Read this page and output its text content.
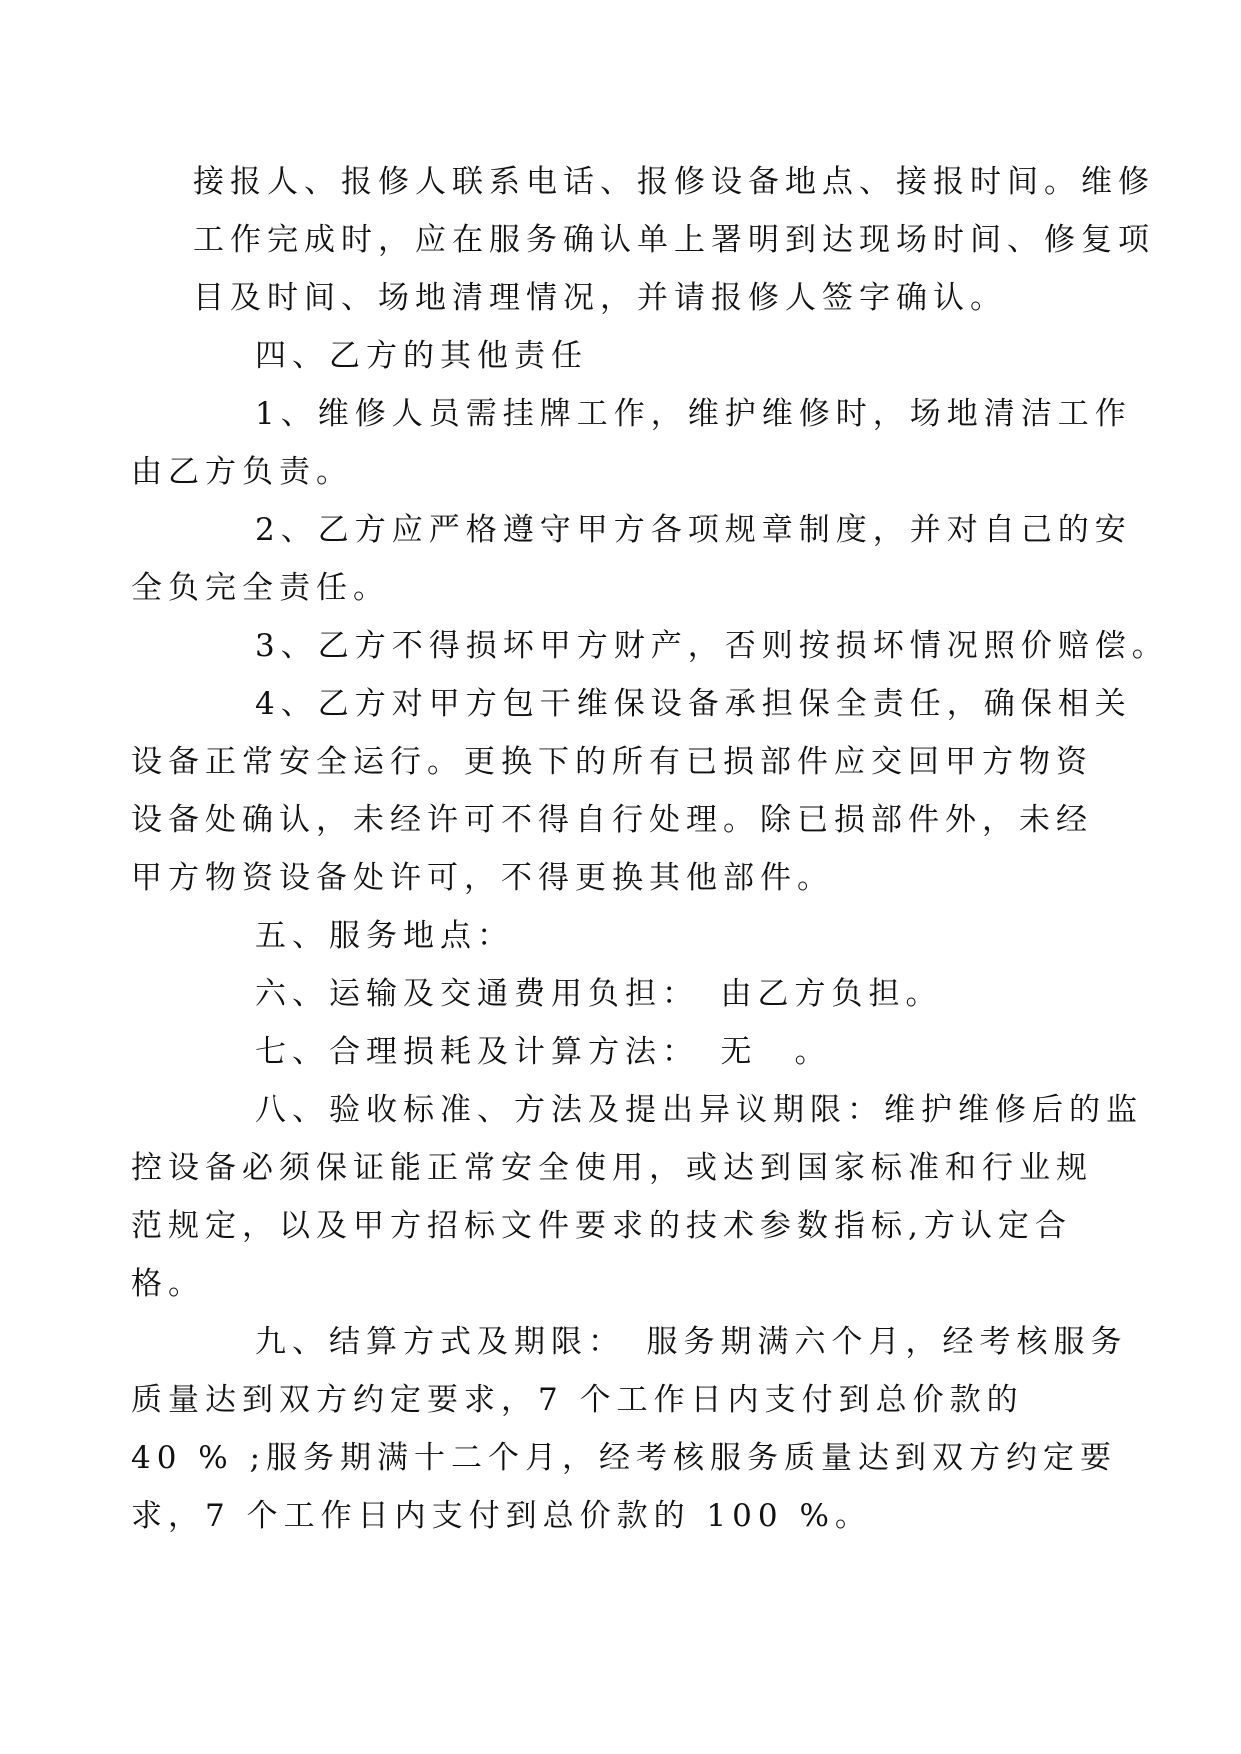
接报人、报修人联系电话、报修设备地点、接报时间。维修
工作完成时，应在服务确认单上署明到达现场时间、修复项
目及时间、场地清理情况，并请报修人签字确认。
四、乙方的其他责任
1、维修人员需挂牌工作，维护维修时，场地清洁工作
由乙方负责。
2、乙方应严格遵守甲方各项规章制度，并对自己的安
全负完全责任。
3、乙方不得损坏甲方财产，否则按损坏情况照价赔偿。
4、乙方对甲方包干维保设备承担保全责任，确保相关
设备正常安全运行。更换下的所有已损部件应交回甲方物资
设备处确认，未经许可不得自行处理。除已损部件外，未经
甲方物资设备处许可，不得更换其他部件。
五、服务地点：
六、运输及交通费用负担：　由乙方负担。
七、合理损耗及计算方法：　无　。
八、验收标准、方法及提出异议期限：维护维修后的监
控设备必须保证能正常安全使用，或达到国家标准和行业规
范规定，以及甲方招标文件要求的技术参数指标,方认定合
格。
九、结算方式及期限：　服务期满六个月，经考核服务
质量达到双方约定要求，7 个工作日内支付到总价款的
40 % ;服务期满十二个月，经考核服务质量达到双方约定要
求，7 个工作日内支付到总价款的 100 %。
